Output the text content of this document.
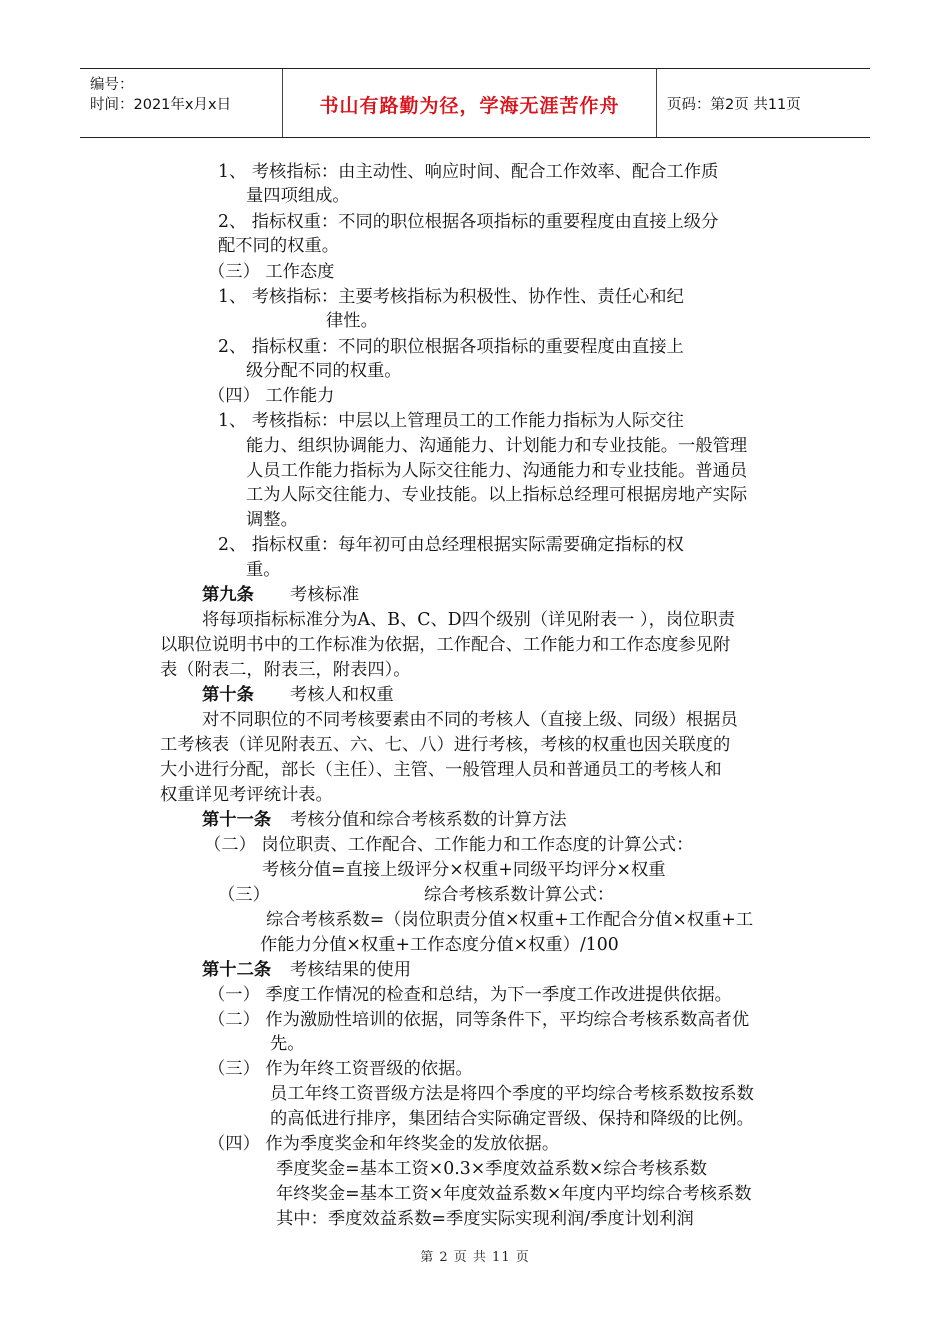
编号：
时间：2021年x月x日	书山有路勤为径，学海无涯苦作舟	页码：第2页 共11页
1、 考核指标：由主动性、响应时间、配合工作效率、配合工作质
量四项组成。
2、 指标权重：不同的职位根据各项指标的重要程度由直接上级分
配不同的权重。
（三） 工作态度
1、 考核指标：主要考核指标为积极性、协作性、责任心和纪
律性。
2、 指标权重：不同的职位根据各项指标的重要程度由直接上
级分配不同的权重。
（四） 工作能力
1、 考核指标：中层以上管理员工的工作能力指标为人际交往
能力、组织协调能力、沟通能力、计划能力和专业技能。一般管理
人员工作能力指标为人际交往能力、沟通能力和专业技能。普通员
工为人际交往能力、专业技能。以上指标总经理可根据房地产实际
调整。
2、 指标权重：每年初可由总经理根据实际需要确定指标的权
重。
第九条 考核标准
将每项指标标准分为A、B、C、D四个级别（详见附表一 ），岗位职责
以职位说明书中的工作标准为依据，工作配合、工作能力和工作态度参见附
表（附表二，附表三，附表四）。
第十条 考核人和权重
对不同职位的不同考核要素由不同的考核人（直接上级、同级）根据员
工考核表（详见附表五、六、七、八）进行考核，考核的权重也因关联度的
大小进行分配，部长（主任）、主管、一般管理人员和普通员工的考核人和
权重详见考评统计表。
第十一条 考核分值和综合考核系数的计算方法
（二） 岗位职责、工作配合、工作能力和工作态度的计算公式：
考核分值=直接上级评分×权重+同级平均评分×权重
（三）	综合考核系数计算公式：
综合考核系数=（岗位职责分值×权重+工作配合分值×权重+工
作能力分值×权重+工作态度分值×权重）/100
第十二条 考核结果的使用
（一） 季度工作情况的检查和总结，为下一季度工作改进提供依据。
（二） 作为激励性培训的依据，同等条件下，平均综合考核系数高者优
先。
（三） 作为年终工资晋级的依据。
员工年终工资晋级方法是将四个季度的平均综合考核系数按系数
的高低进行排序，集团结合实际确定晋级、保持和降级的比例。
（四） 作为季度奖金和年终奖金的发放依据。
季度奖金=基本工资×0.3×季度效益系数×综合考核系数
年终奖金=基本工资×年度效益系数×年度内平均综合考核系数
其中：季度效益系数=季度实际实现利润/季度计划利润
第 2 页 共 11 页
